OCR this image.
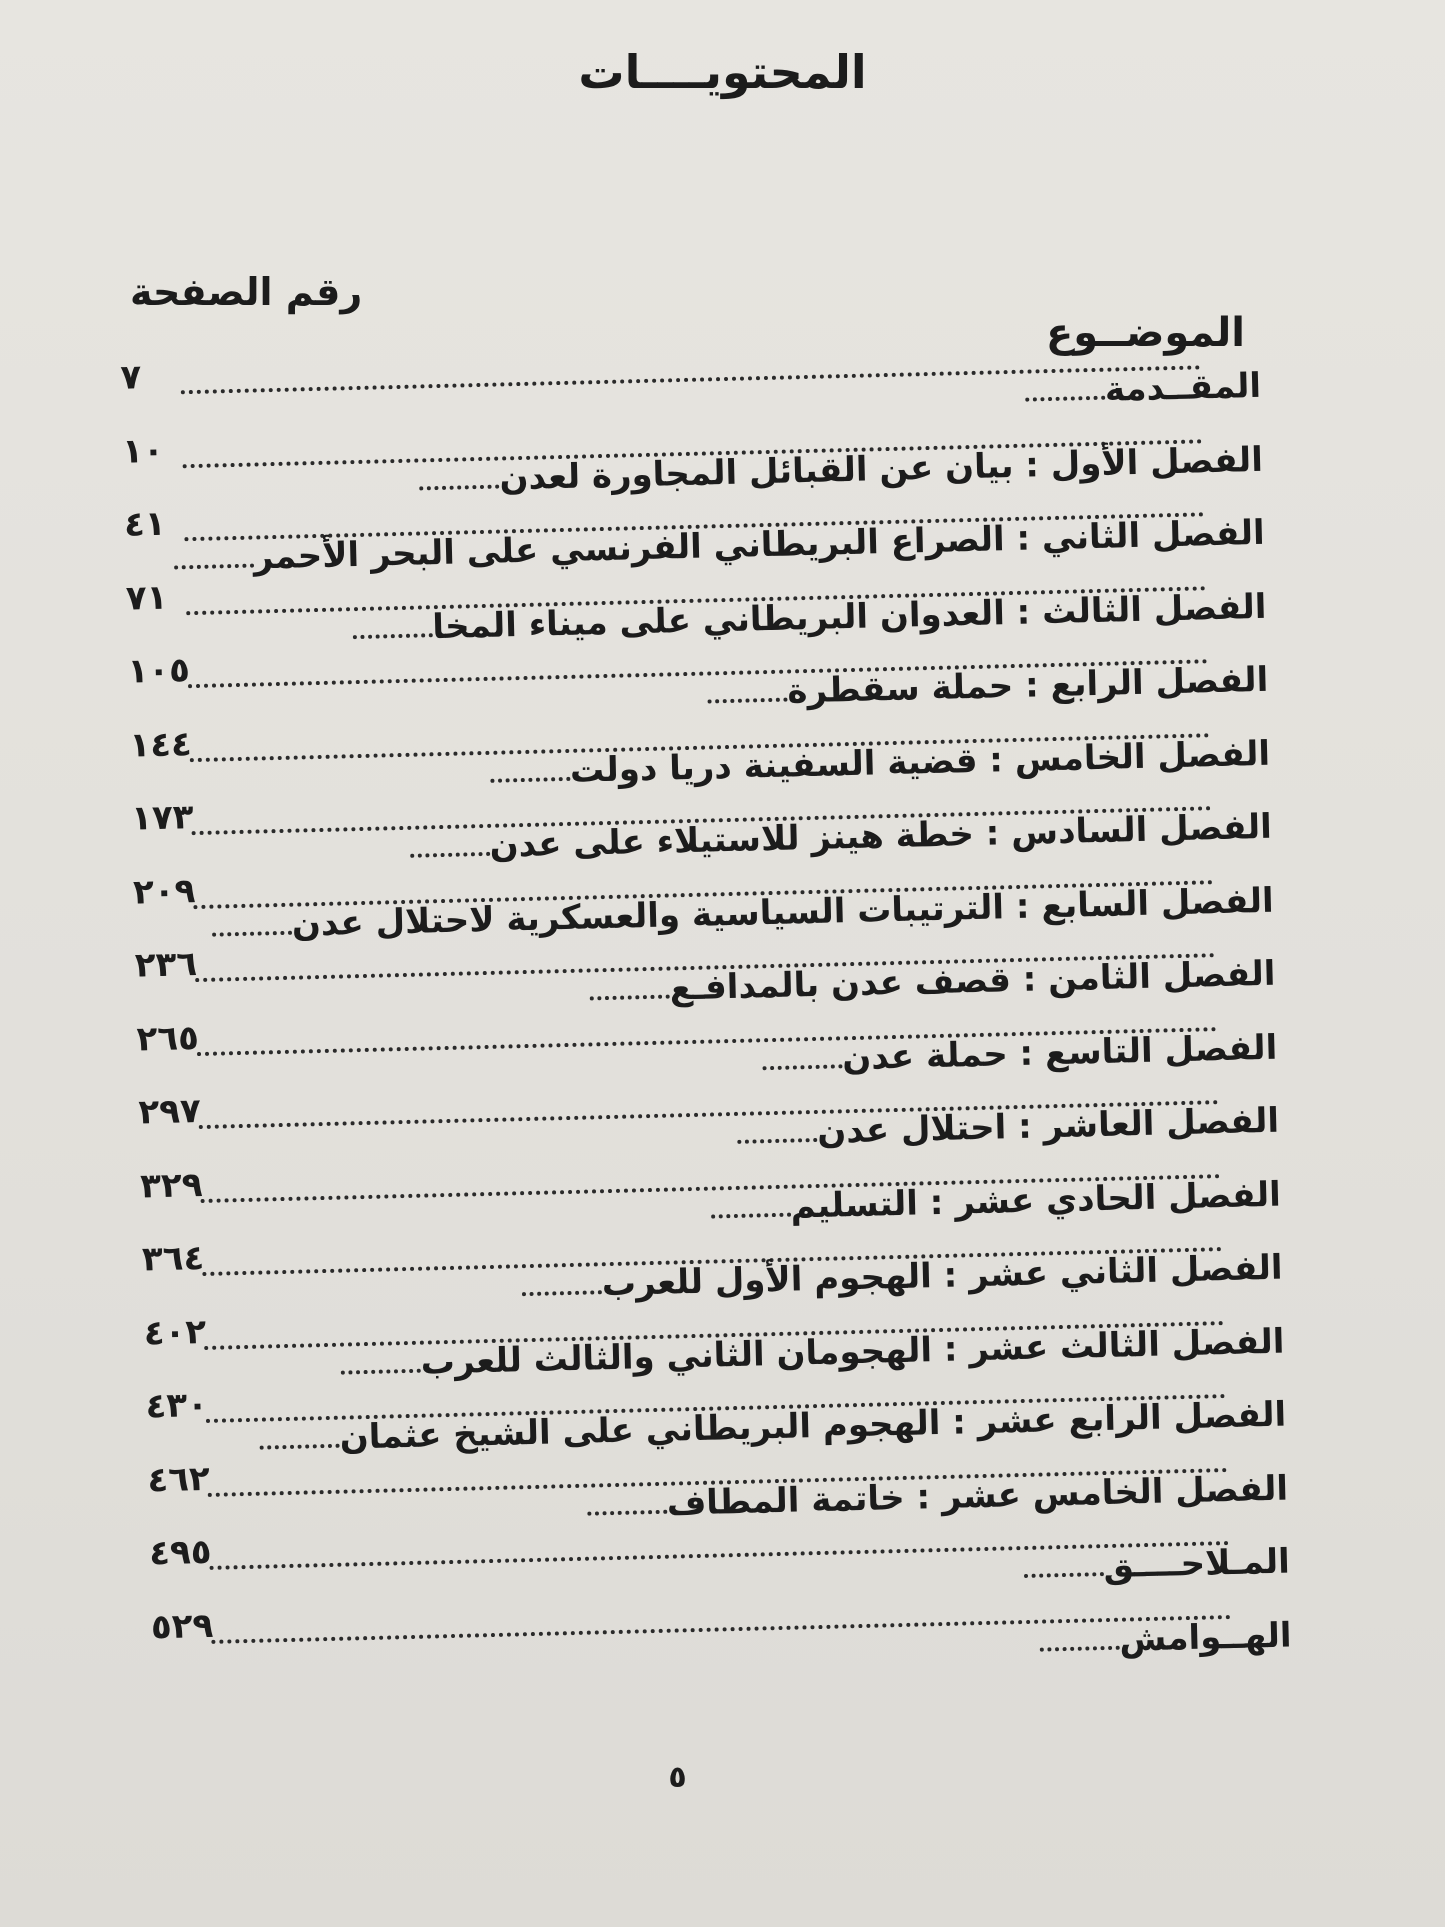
المحتويــــات
رقم الصفحة
الموضــوع
٧	المقــدمة
١٠	الفصل الأول : بيان عن القبائل المجاورة لعدن
٤١	الفصل الثاني : الصراع البريطاني الفرنسي على البحر الأحمر
٧١	الفصل الثالث : العدوان البريطاني على ميناء المخا
١٠٥	الفصل الرابع : حملة سقطرة
١٤٤	الفصل الخامس : قضية السفينة دريا دولت
١٧٣	الفصل السادس : خطة هينز للاستيلاء على عدن
٢٠٩	الفصل السابع : الترتيبات السياسية والعسكرية لاحتلال عدن
٢٣٦	الفصل الثامن : قصف عدن بالمدافـع
٢٦٥	الفصل التاسع : حملة عدن
٢٩٧	الفصل العاشر : احتلال عدن
٣٢٩	الفصل الحادي عشر : التسليم
٣٦٤	الفصل الثاني عشر : الهجوم الأول للعرب
٤٠٢	الفصل الثالث عشر : الهجومان الثاني والثالث للعرب
٤٣٠	الفصل الرابع عشر : الهجوم البريطاني على الشيخ عثمان
٤٦٢	الفصل الخامس عشر : خاتمة المطاف
٤٩٥	المـلاحــــق
٥٢٩	الهــوامش
٥
